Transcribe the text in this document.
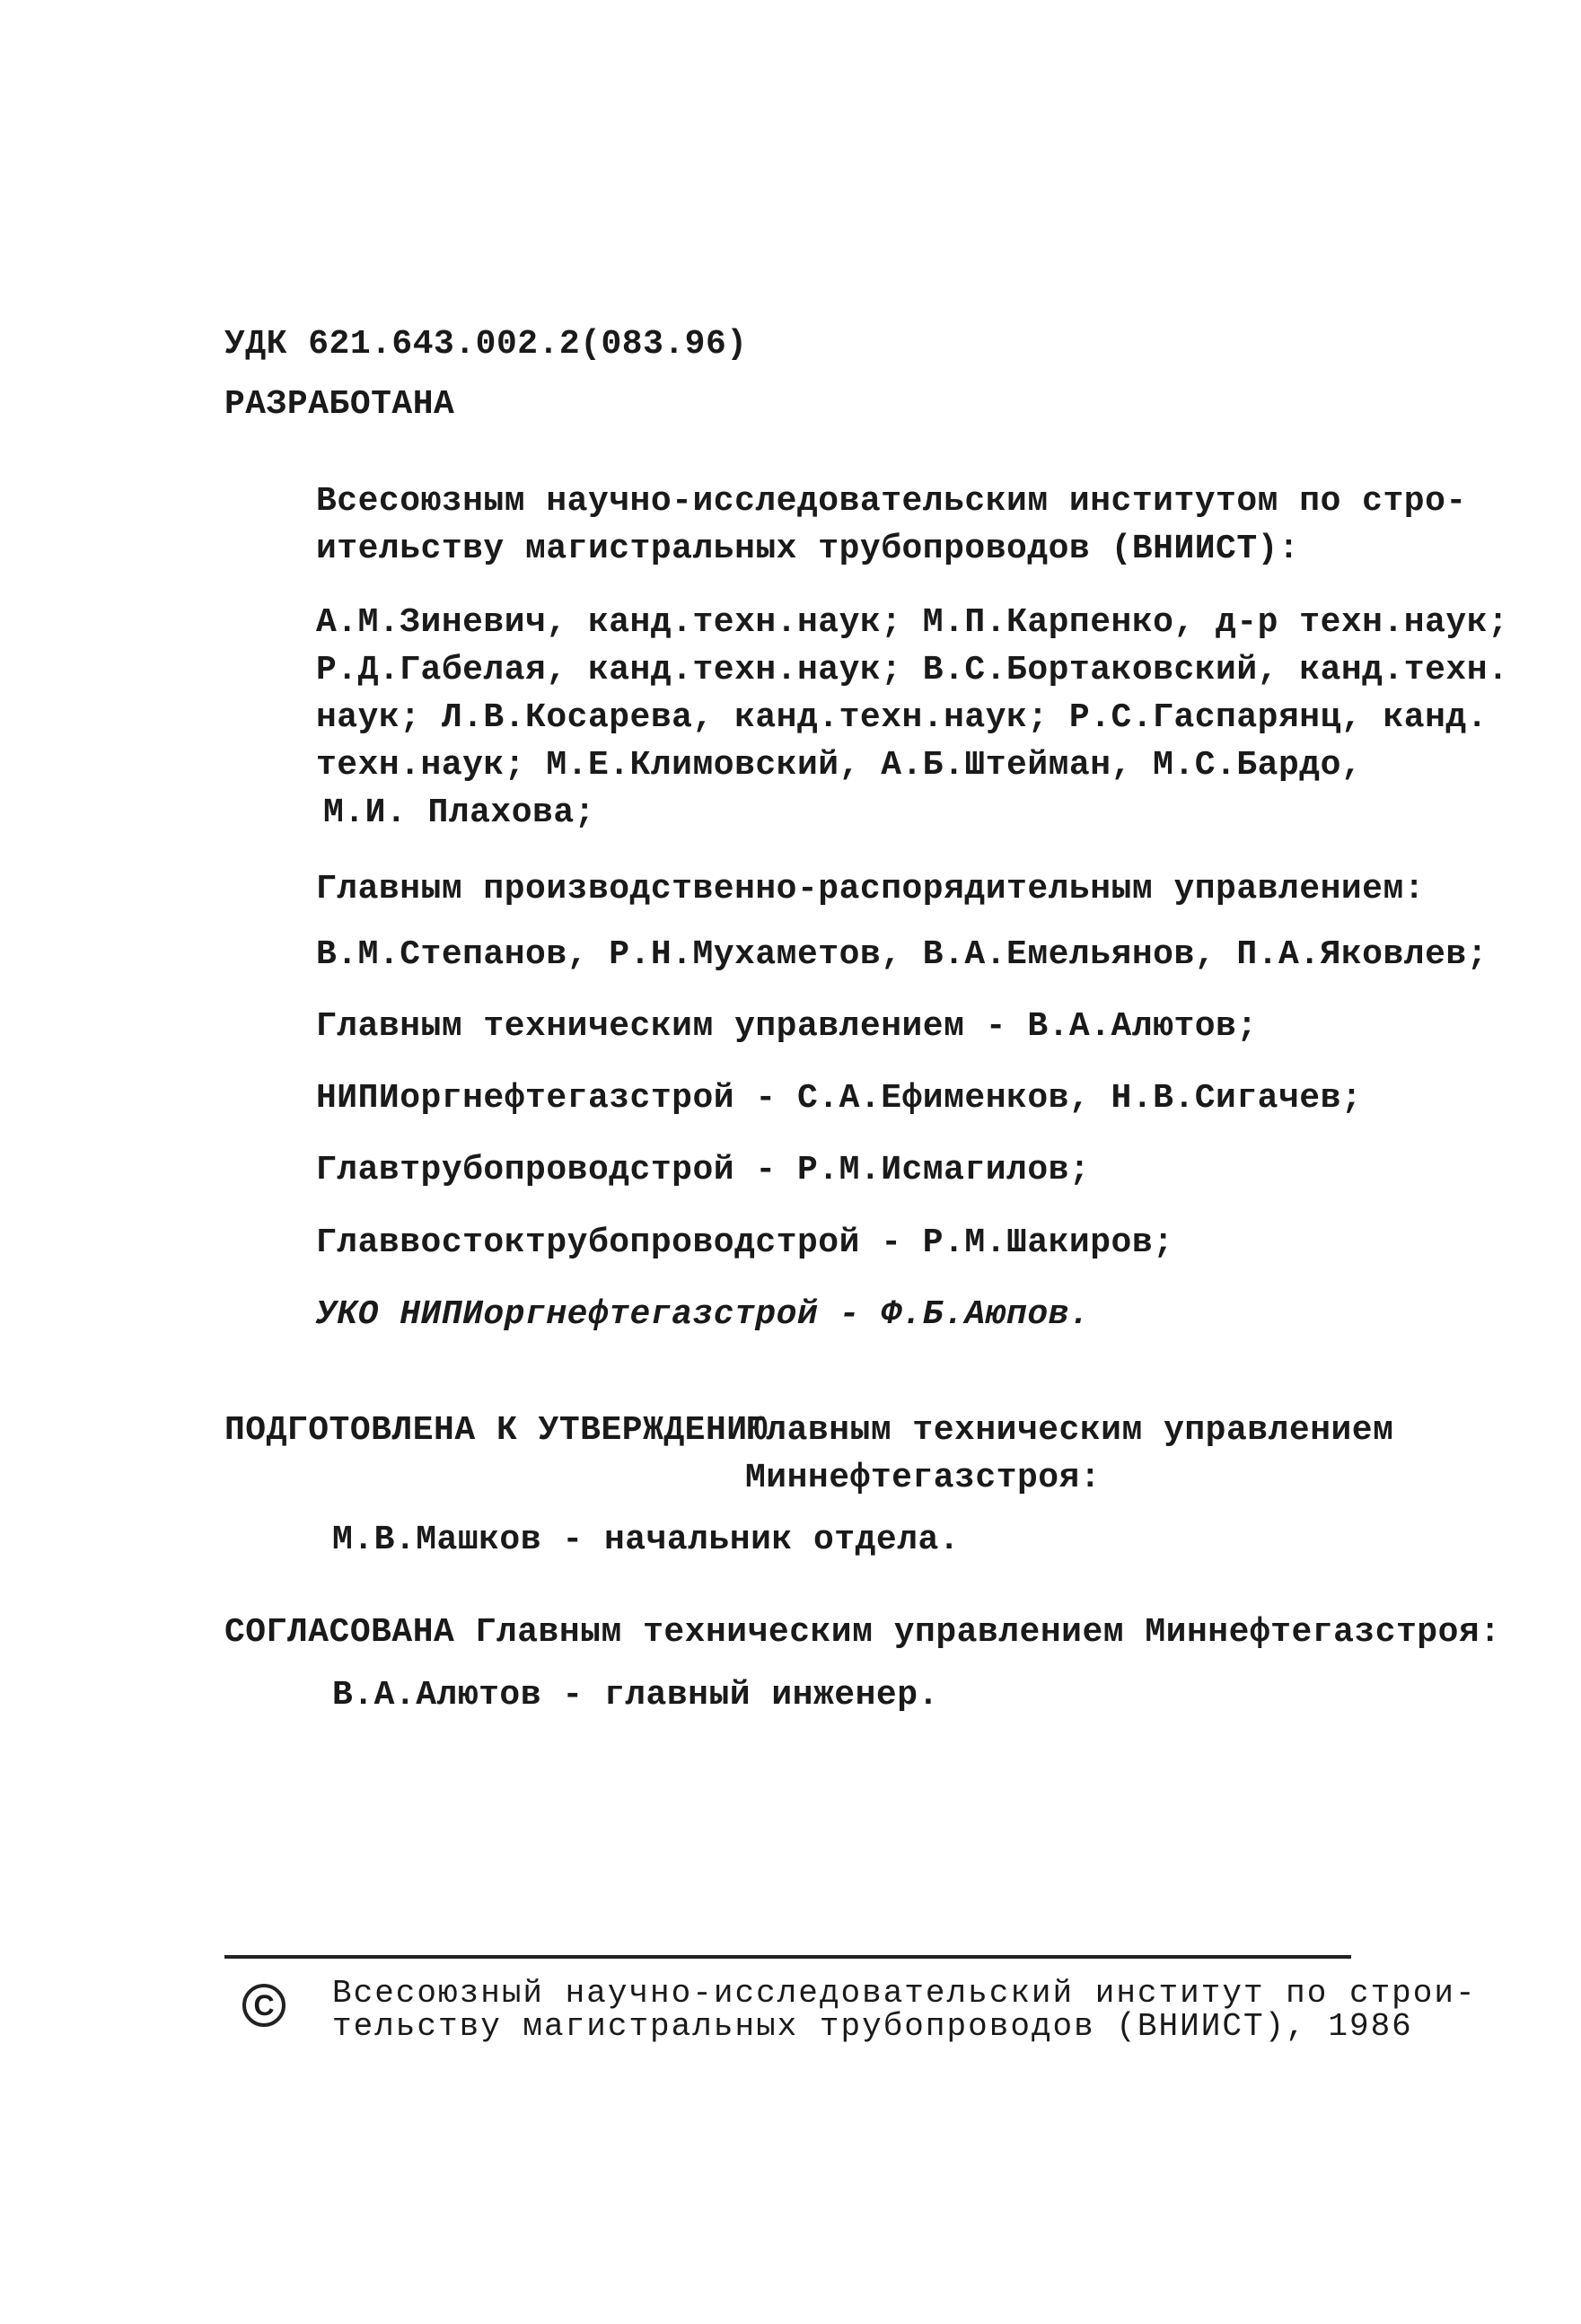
УДК 621.643.002.2(083.96)
РАЗРАБОТАНА
Всесоюзным научно-исследовательским институтом по стро-
ительству магистральных трубопроводов (ВНИИСТ):
А.М.Зиневич, канд.техн.наук; М.П.Карпенко, д-р техн.наук;
Р.Д.Габелая, канд.техн.наук; В.С.Бортаковский, канд.техн.
наук; Л.В.Косарева, канд.техн.наук; Р.С.Гаспарянц, канд.
техн.наук; М.Е.Климовский, А.Б.Штейман, М.С.Бардо,
М.И. Плахова;
Главным производственно-распорядительным управлением:
В.М.Степанов, Р.Н.Мухаметов, В.А.Емельянов, П.А.Яковлев;
Главным техническим управлением - В.А.Алютов;
НИПИоргнефтегазстрой - С.А.Ефименков, Н.В.Сигачев;
Главтрубопроводстрой - Р.М.Исмагилов;
Главвостоктрубопроводстрой - Р.М.Шакиров;
УКО НИПИоргнефтегазстрой - Ф.Б.Аюпов.
ПОДГОТОВЛЕНА К УТВЕРЖДЕНИЮ
Главным техническим управлением
Миннефтегазстроя:
М.В.Машков - начальник отдела.
СОГЛАСОВАНА Главным техническим управлением Миннефтегазстроя:
В.А.Алютов - главный инженер.
C	Всесоюзный научно-исследовательский институт по строи-
тельству магистральных трубопроводов (ВНИИСТ), 1986
